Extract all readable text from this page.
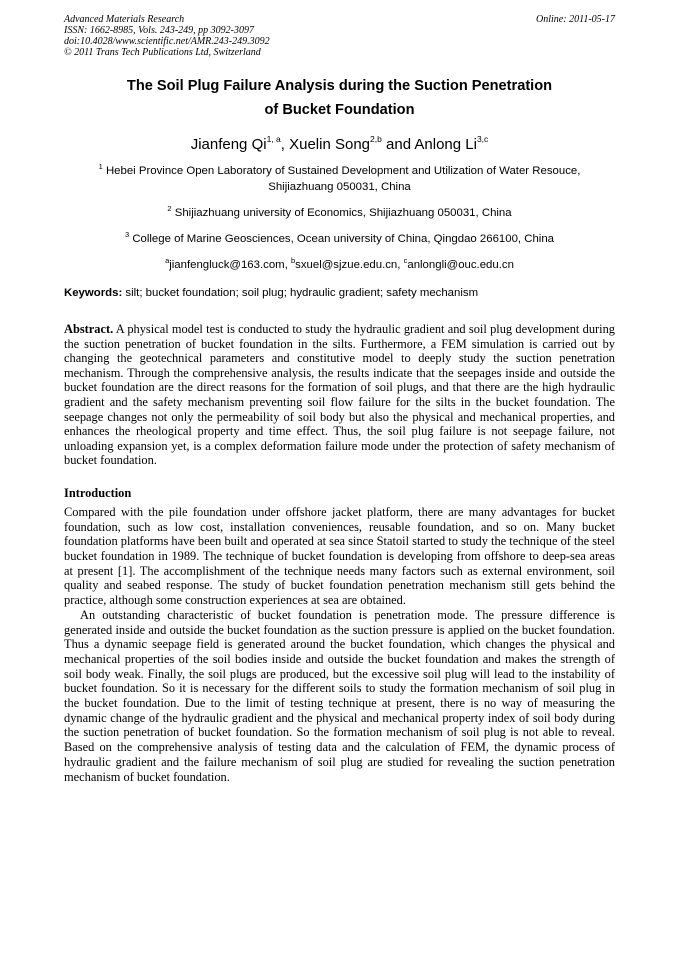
Advanced Materials Research
ISSN: 1662-8985, Vols. 243-249, pp 3092-3097
doi:10.4028/www.scientific.net/AMR.243-249.3092
© 2011 Trans Tech Publications Ltd, Switzerland
Online: 2011-05-17
The Soil Plug Failure Analysis during the Suction Penetration
of Bucket Foundation
Jianfeng Qi$^{1, a}$, Xuelin Song$^{2,b}$ and Anlong Li$^{3,c}$
$^1$ Hebei Province Open Laboratory of Sustained Development and Utilization of Water Resouce,
Shijiazhuang 050031, China
$^2$ Shijiazhuang university of Economics, Shijiazhuang 050031, China
$^3$ College of Marine Geosciences, Ocean university of China, Qingdao 266100, China
$^a$jianfengluck@163.com, $^b$sxuel@sjzue.edu.cn, $^c$anlongli@ouc.edu.cn
Keywords: silt; bucket foundation; soil plug; hydraulic gradient; safety mechanism
Abstract. A physical model test is conducted to study the hydraulic gradient and soil plug development during the suction penetration of bucket foundation in the silts. Furthermore, a FEM simulation is carried out by changing the geotechnical parameters and constitutive model to deeply study the suction penetration mechanism. Through the comprehensive analysis, the results indicate that the seepages inside and outside the bucket foundation are the direct reasons for the formation of soil plugs, and that there are the high hydraulic gradient and the safety mechanism preventing soil flow failure for the silts in the bucket foundation. The seepage changes not only the permeability of soil body but also the physical and mechanical properties, and enhances the rheological property and time effect. Thus, the soil plug failure is not seepage failure, not unloading expansion yet, is a complex deformation failure mode under the protection of safety mechanism of bucket foundation.
Introduction
Compared with the pile foundation under offshore jacket platform, there are many advantages for bucket foundation, such as low cost, installation conveniences, reusable foundation, and so on. Many bucket foundation platforms have been built and operated at sea since Statoil started to study the technique of the steel bucket foundation in 1989. The technique of bucket foundation is developing from offshore to deep-sea areas at present [1]. The accomplishment of the technique needs many factors such as external environment, soil quality and seabed response. The study of bucket foundation penetration mechanism still gets behind the practice, although some construction experiences at sea are obtained.
An outstanding characteristic of bucket foundation is penetration mode. The pressure difference is generated inside and outside the bucket foundation as the suction pressure is applied on the bucket foundation. Thus a dynamic seepage field is generated around the bucket foundation, which changes the physical and mechanical properties of the soil bodies inside and outside the bucket foundation and makes the strength of soil body weak. Finally, the soil plugs are produced, but the excessive soil plug will lead to the instability of bucket foundation. So it is necessary for the different soils to study the formation mechanism of soil plug in the bucket foundation. Due to the limit of testing technique at present, there is no way of measuring the dynamic change of the hydraulic gradient and the physical and mechanical property index of soil body during the suction penetration of bucket foundation. So the formation mechanism of soil plug is not able to reveal. Based on the comprehensive analysis of testing data and the calculation of FEM, the dynamic process of hydraulic gradient and the failure mechanism of soil plug are studied for revealing the suction penetration mechanism of bucket foundation.
